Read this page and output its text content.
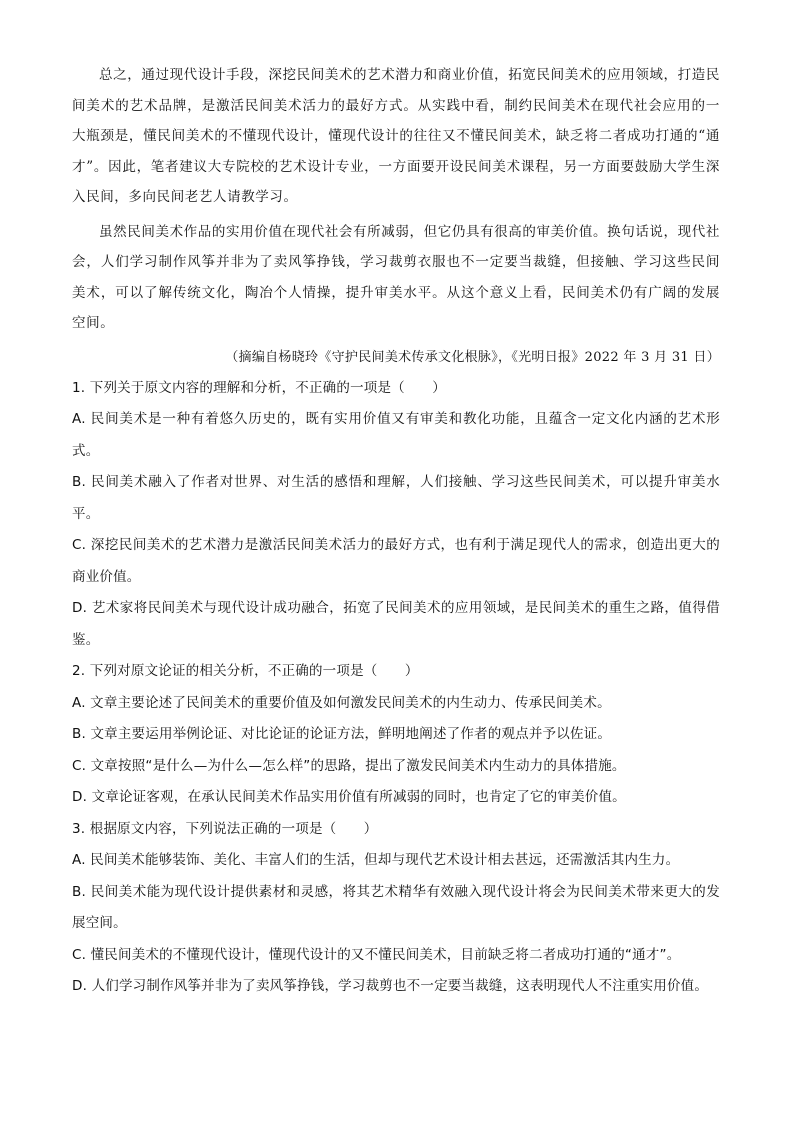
总之，通过现代设计手段，深挖民间美术的艺术潜力和商业价值，拓宽民间美术的应用领域，打造民间美术的艺术品牌，是激活民间美术活力的最好方式。从实践中看，制约民间美术在现代社会应用的一大瓶颈是，懂民间美术的不懂现代设计，懂现代设计的往往又不懂民间美术，缺乏将二者成功打通的“通才”。因此，笔者建议大专院校的艺术设计专业，一方面要开设民间美术课程，另一方面要鼓励大学生深入民间，多向民间老艺人请教学习。

虽然民间美术作品的实用价值在现代社会有所减弱，但它仍具有很高的审美价值。换句话说，现代社会，人们学习制作风筝并非为了卖风筝挣钱，学习裁剪衣服也不一定要当裁缝，但接触、学习这些民间美术，可以了解传统文化，陶冶个人情操，提升审美水平。从这个意义上看，民间美术仍有广阔的发展空间。

（摘编自杨晓玲《守护民间美术传承文化根脉》，《光明日报》2022 年 3 月 31 日）
1. 下列关于原文内容的理解和分析，不正确的一项是（　　）
A. 民间美术是一种有着悠久历史的，既有实用价值又有审美和教化功能，且蕴含一定文化内涵的艺术形式。
B. 民间美术融入了作者对世界、对生活的感悟和理解，人们接触、学习这些民间美术，可以提升审美水平。
C. 深挖民间美术的艺术潜力是激活民间美术活力的最好方式，也有利于满足现代人的需求，创造出更大的商业价值。
D. 艺术家将民间美术与现代设计成功融合，拓宽了民间美术的应用领域，是民间美术的重生之路，值得借鉴。
2. 下列对原文论证的相关分析，不正确的一项是（　　）
A. 文章主要论述了民间美术的重要价值及如何激发民间美术的内生动力、传承民间美术。
B. 文章主要运用举例论证、对比论证的论证方法，鲜明地阐述了作者的观点并予以佐证。
C. 文章按照“是什么—为什么—怎么样”的思路，提出了激发民间美术内生动力的具体措施。
D. 文章论证客观，在承认民间美术作品实用价值有所减弱的同时，也肯定了它的审美价值。
3. 根据原文内容，下列说法正确的一项是（　　）
A. 民间美术能够装饰、美化、丰富人们的生活，但却与现代艺术设计相去甚远，还需激活其内生力。
B. 民间美术能为现代设计提供素材和灵感，将其艺术精华有效融入现代设计将会为民间美术带来更大的发展空间。
C. 懂民间美术的不懂现代设计，懂现代设计的又不懂民间美术，目前缺乏将二者成功打通的“通才”。
D. 人们学习制作风筝并非为了卖风筝挣钱，学习裁剪也不一定要当裁缝，这表明现代人不注重实用价值。
